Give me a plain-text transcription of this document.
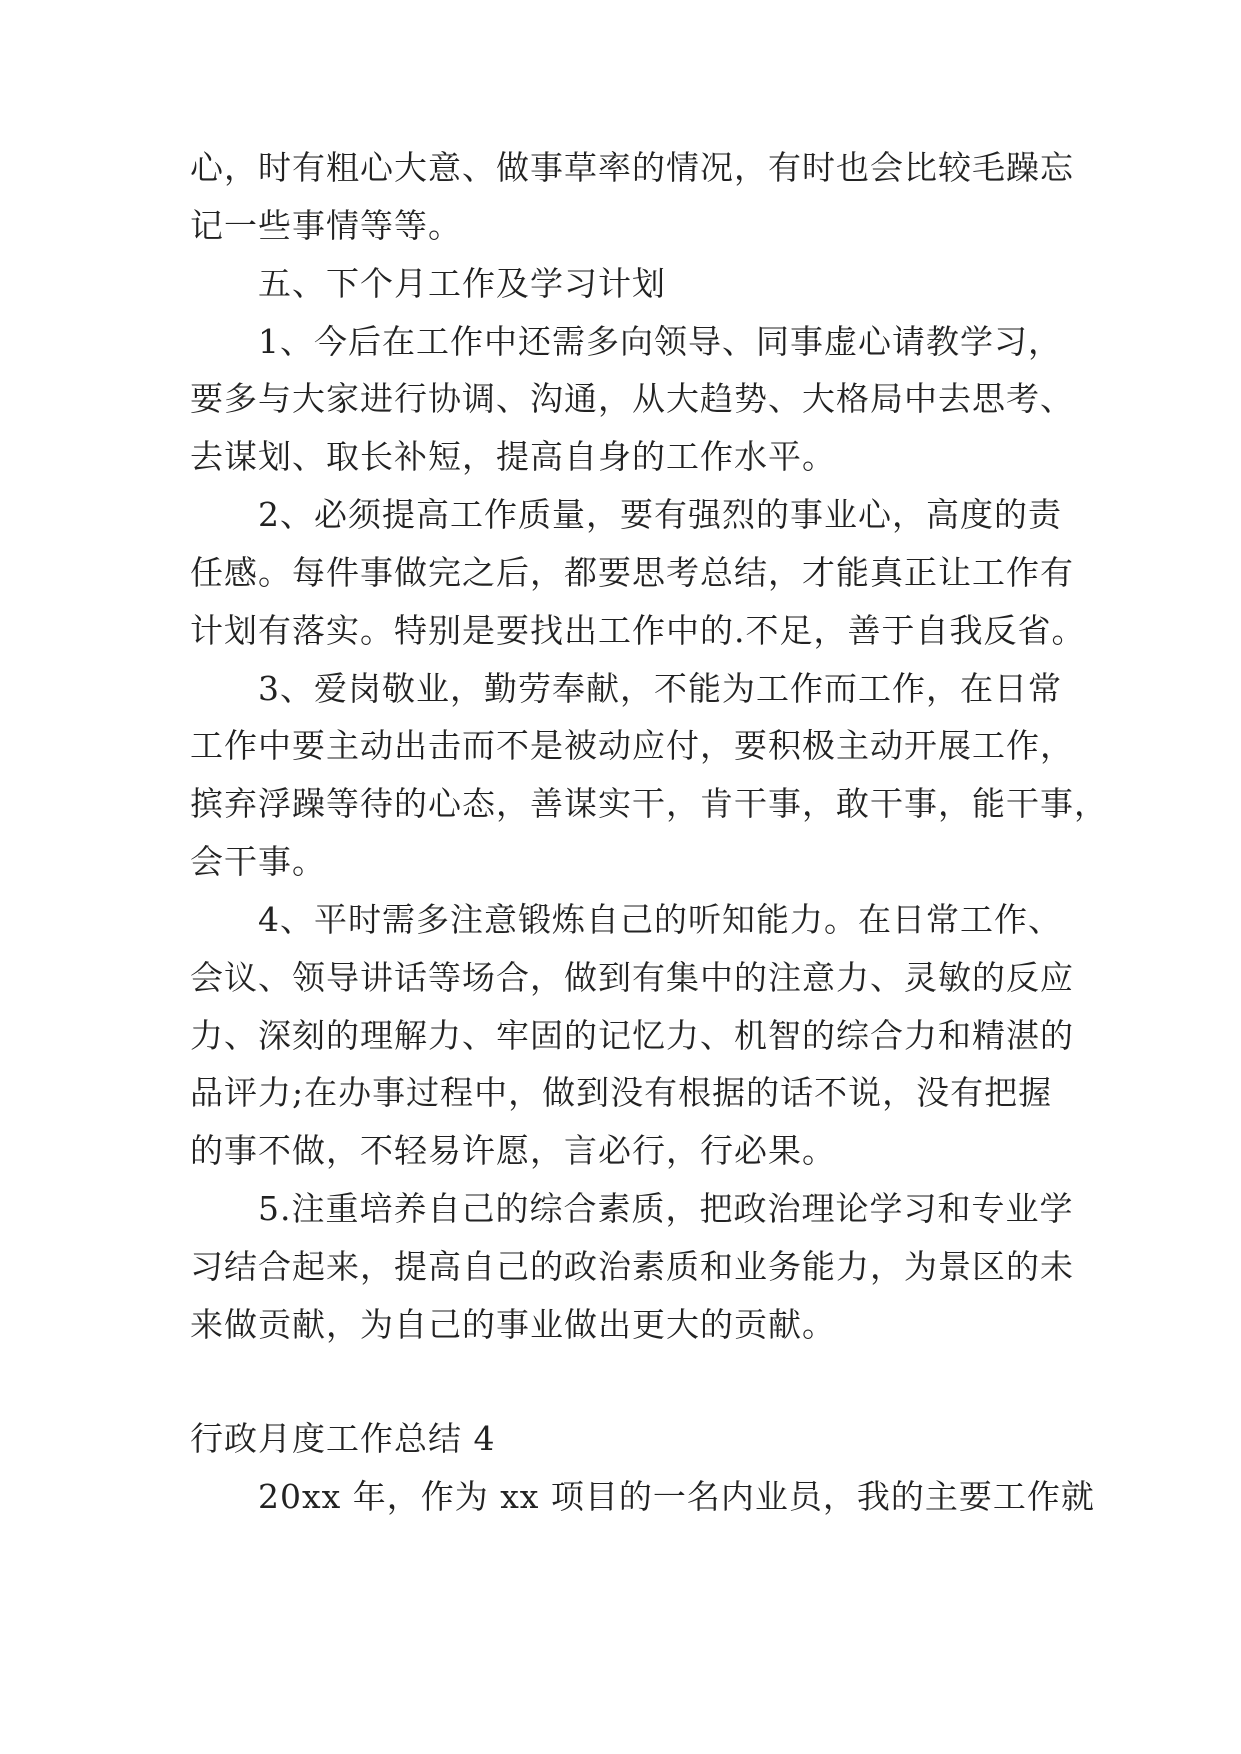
心，时有粗心大意、做事草率的情况，有时也会比较毛躁忘
记一些事情等等。
五、下个月工作及学习计划
1、今后在工作中还需多向领导、同事虚心请教学习，
要多与大家进行协调、沟通，从大趋势、大格局中去思考、
去谋划、取长补短，提高自身的工作水平。
2、必须提高工作质量，要有强烈的事业心，高度的责
任感。每件事做完之后，都要思考总结，才能真正让工作有
计划有落实。特别是要找出工作中的.不足，善于自我反省。
3、爱岗敬业，勤劳奉献，不能为工作而工作，在日常
工作中要主动出击而不是被动应付，要积极主动开展工作，
摈弃浮躁等待的心态，善谋实干，肯干事，敢干事，能干事，
会干事。
4、平时需多注意锻炼自己的听知能力。在日常工作、
会议、领导讲话等场合，做到有集中的注意力、灵敏的反应
力、深刻的理解力、牢固的记忆力、机智的综合力和精湛的
品评力;在办事过程中，做到没有根据的话不说，没有把握
的事不做，不轻易许愿，言必行，行必果。
5.注重培养自己的综合素质，把政治理论学习和专业学
习结合起来，提高自己的政治素质和业务能力，为景区的未
来做贡献，为自己的事业做出更大的贡献。
行政月度工作总结 4
20xx 年，作为 xx 项目的一名内业员，我的主要工作就
